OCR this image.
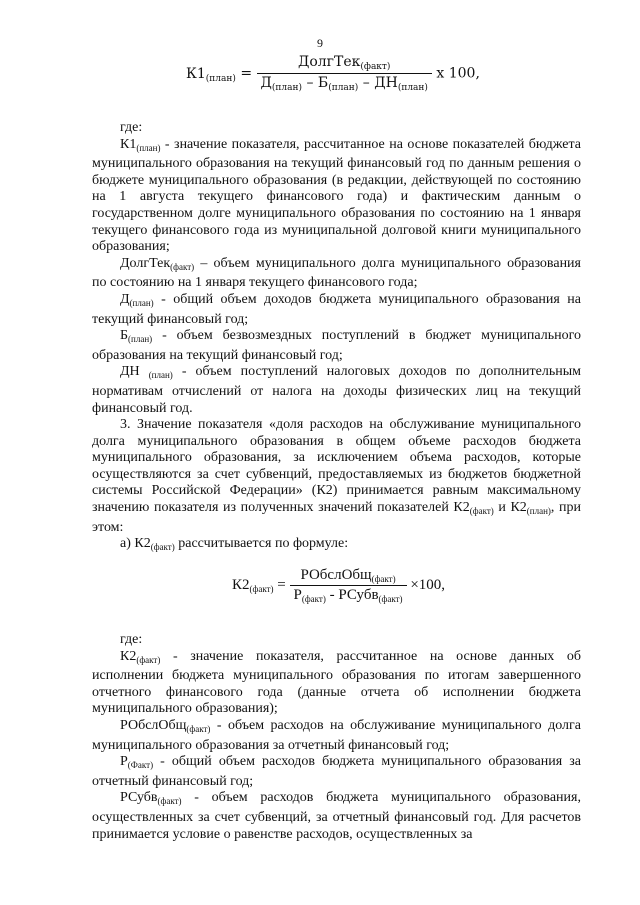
9
$К1_{(план)} = \frac{ДолгТек_{(факт)}}{Д_{(план)} - Б_{(план)} - ДН_{(план)}}$ x 100,

где:

$К1_{(план)}$ - значение показателя, рассчитанное на основе показателей бюджета муниципального образования на текущий финансовый год по данным решения о бюджете муниципального образования (в редакции, действующей по состоянию на 1 августа текущего финансового года) и фактическим данным о государственном долге муниципального образования по состоянию на 1 января текущего финансового года из муниципальной долговой книги муниципального образования;

ДолгТек$_{(факт)}$ – объем муниципального долга муниципального образования по состоянию на 1 января текущего финансового года;

$Д_{(план)}$ - общий объем доходов бюджета муниципального образования на текущий финансовый год;

$Б_{(план)}$ - объем безвозмездных поступлений в бюджет муниципального образования на текущий финансовый год;

ДН $_{(план)}$ - объем поступлений налоговых доходов по дополнительным нормативам отчислений от налога на доходы физических лиц на текущий финансовый год.

3. Значение показателя «доля расходов на обслуживание муниципального долга муниципального образования в общем объеме расходов бюджета муниципального образования, за исключением объема расходов, которые осуществляются за счет субвенций, предоставляемых из бюджетов бюджетной системы Российской Федерации» (К2) принимается равным максимальному значению показателя из полученных значений показателей $К2_{(факт)}$ и $К2_{(план)}$, при этом:

а) $К2_{(факт)}$ рассчитывается по формуле:

$К2_{(факт)} = \frac{РОбслОбщ_{(факт)}}{Р_{(факт)} - РСубв_{(факт)}} \times 100$,

где:

$К2_{(факт)}$ - значение показателя, рассчитанное на основе данных об исполнении бюджета муниципального образования по итогам завершенного отчетного финансового года (данные отчета об исполнении бюджета муниципального образования);

РОбслОбщ$_{(факт)}$ - объем расходов на обслуживание муниципального долга муниципального образования за отчетный финансовый год;

$Р_{(Факт)}$ - общий объем расходов бюджета муниципального образования за отчетный финансовый год;

РСубв$_{(факт)}$ - объем расходов бюджета муниципального образования, осуществленных за счет субвенций, за отчетный финансовый год. Для расчетов принимается условие о равенстве расходов, осуществленных за
